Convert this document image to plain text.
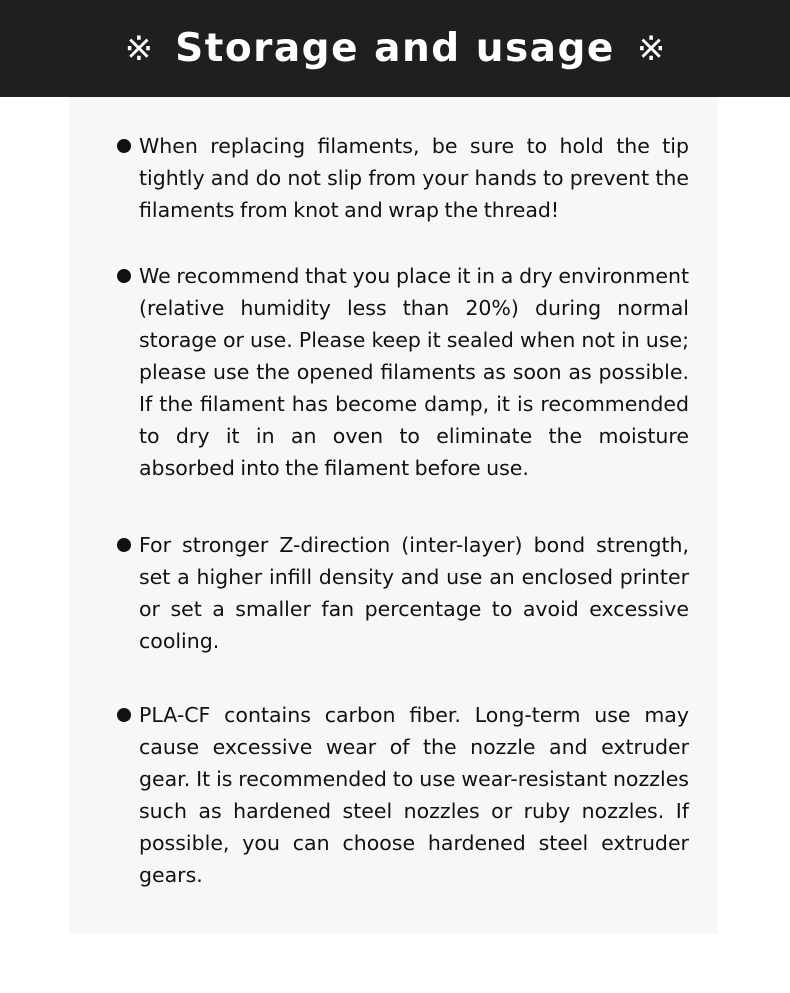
※ Storage and usage ※
When replacing filaments, be sure to hold the tip tightly and do not slip from your hands to prevent the filaments from knot and wrap the thread!
We recommend that you place it in a dry environment (relative humidity less than 20%) during normal storage or use. Please keep it sealed when not in use; please use the opened filaments as soon as possible. If the filament has become damp, it is recommended to dry it in an oven to eliminate the moisture absorbed into the filament before use.
For stronger Z-direction (inter-layer) bond strength, set a higher infill density and use an enclosed printer or set a smaller fan percentage to avoid excessive cooling.
PLA-CF contains carbon fiber. Long-term use may cause excessive wear of the nozzle and extruder gear. It is recommended to use wear-resistant nozzles such as hardened steel nozzles or ruby nozzles. If possible, you can choose hardened steel extruder gears.
